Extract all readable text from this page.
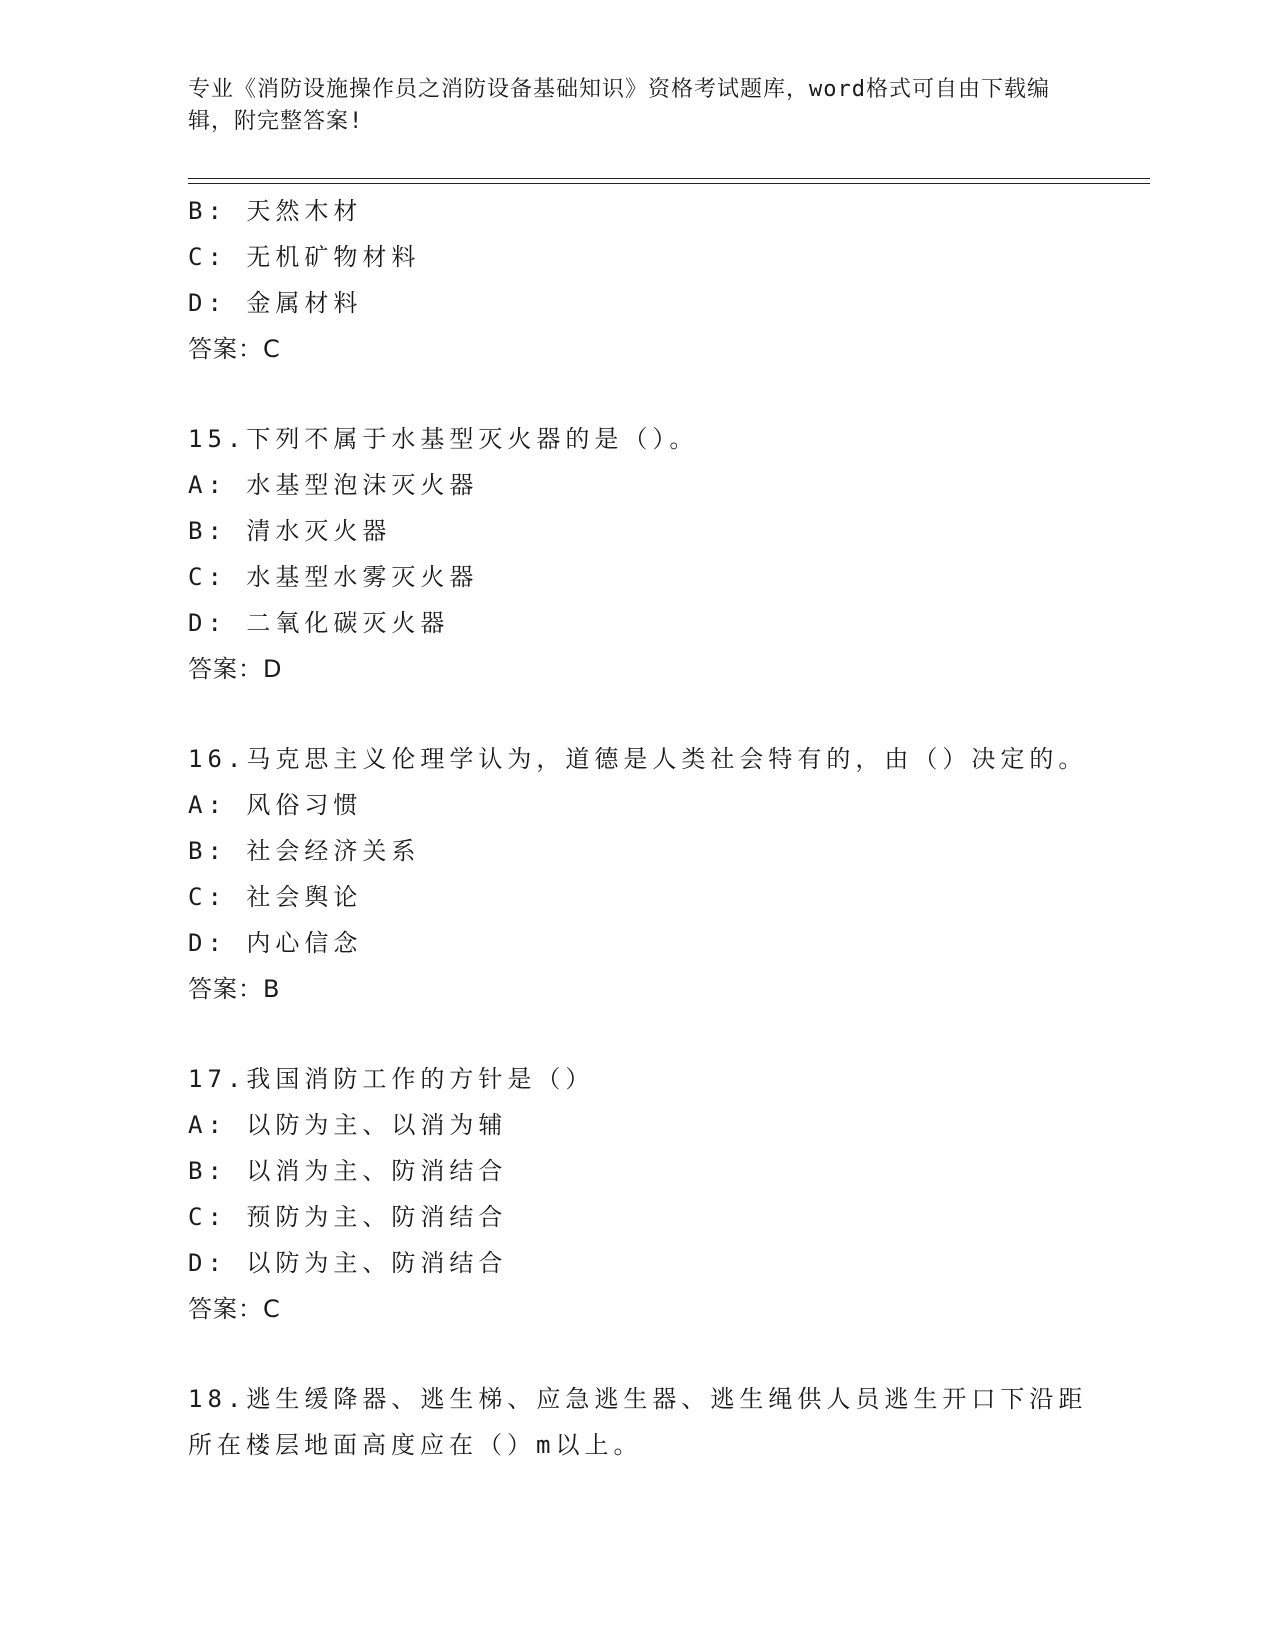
专业《消防设施操作员之消防设备基础知识》资格考试题库，word格式可自由下载编辑，附完整答案!
B: 天然木材
C: 无机矿物材料
D: 金属材料
答案：C
15.下列不属于水基型灭火器的是（）。
A: 水基型泡沫灭火器
B: 清水灭火器
C: 水基型水雾灭火器
D: 二氧化碳灭火器
答案：D
16.马克思主义伦理学认为，道德是人类社会特有的，由（）决定的。
A: 风俗习惯
B: 社会经济关系
C: 社会舆论
D: 内心信念
答案：B
17.我国消防工作的方针是（）
A: 以防为主、以消为辅
B: 以消为主、防消结合
C: 预防为主、防消结合
D: 以防为主、防消结合
答案：C
18.逃生缓降器、逃生梯、应急逃生器、逃生绳供人员逃生开口下沿距所在楼层地面高度应在（）m以上。
